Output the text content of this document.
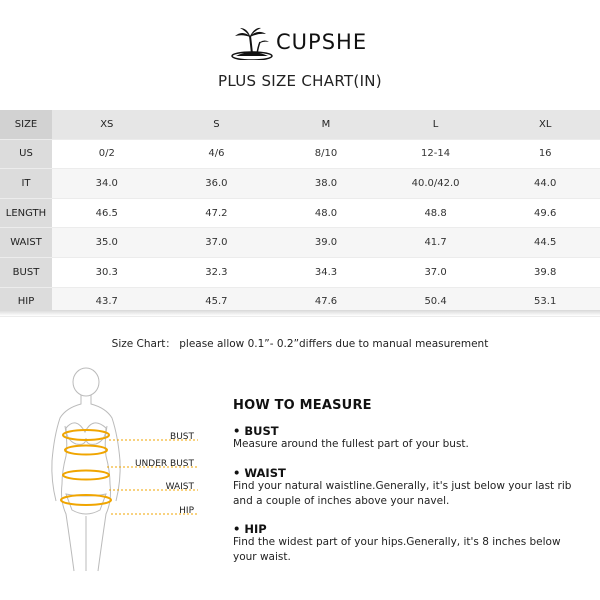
CUPSHE
PLUS SIZE CHART(IN)
SIZE	XS	S	M	L	XL
US	0/2	4/6	8/10	12-14	16
IT	34.0	36.0	38.0	40.0/42.0	44.0
LENGTH	46.5	47.2	48.0	48.8	49.6
WAIST	35.0	37.0	39.0	41.7	44.5
BUST	30.3	32.3	34.3	37.0	39.8
HIP	43.7	45.7	47.6	50.4	53.1
Size Chart： please allow 0.1”- 0.2”differs due to manual measurement
BUST
UNDER BUST
WAIST
HIP
HOW TO MEASURE
• BUST
Measure around the fullest part of your bust.
• WAIST
Find your natural waistline.Generally, it's just below your last rib and a couple of inches above your navel.
• HIP
Find the widest part of your hips.Generally, it's 8 inches below your waist.
